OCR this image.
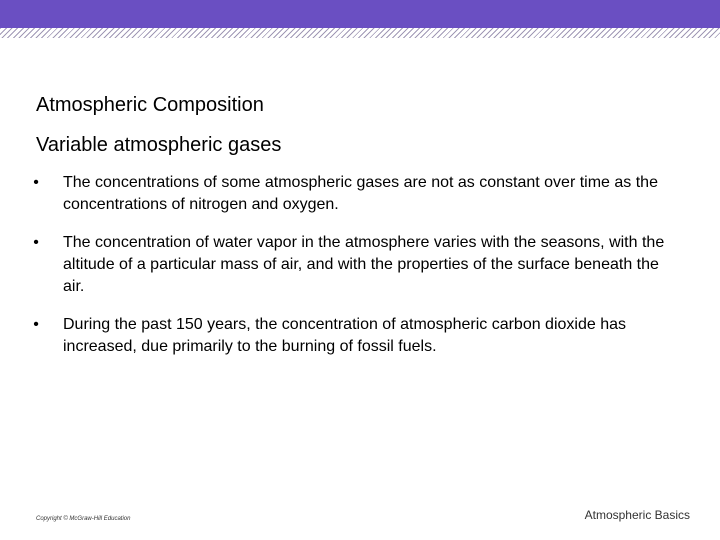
Atmospheric Composition
Variable atmospheric gases
• The concentrations of some atmospheric gases are not as constant over time as the concentrations of nitrogen and oxygen.
• The concentration of water vapor in the atmosphere varies with the seasons, with the altitude of a particular mass of air, and with the properties of the surface beneath the air.
• During the past 150 years, the concentration of atmospheric carbon dioxide has increased, due primarily to the burning of fossil fuels.
Copyright © McGraw-Hill Education	Atmospheric Basics
